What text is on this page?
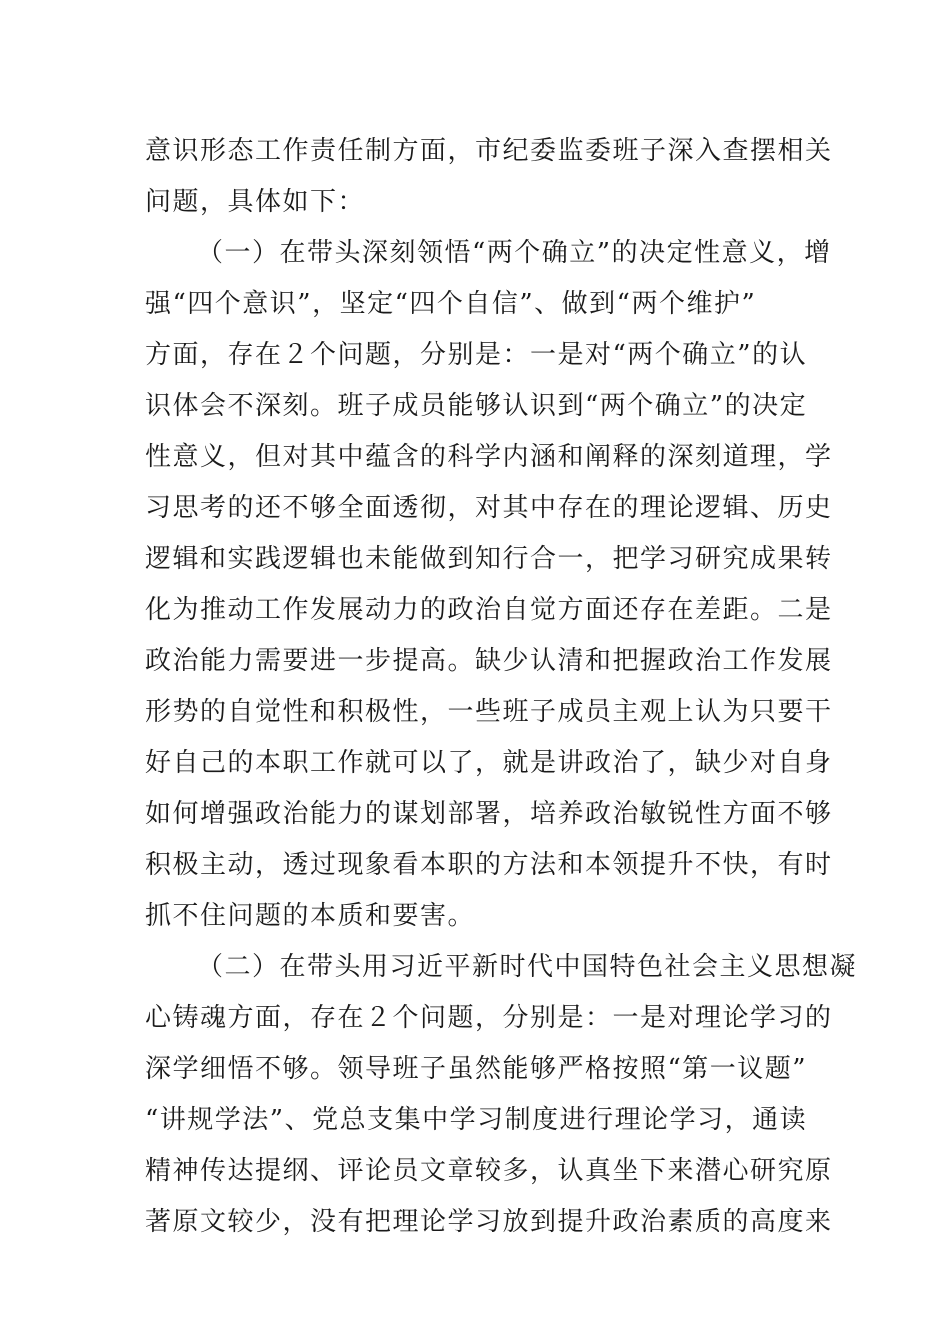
意识形态工作责任制方面，市纪委监委班子深入查摆相关
问题，具体如下：
（一）在带头深刻领悟“两个确立”的决定性意义，增
强“四个意识”，坚定“四个自信”、做到“两个维护”
方面，存在２个问题，分别是：一是对“两个确立”的认
识体会不深刻。班子成员能够认识到“两个确立”的决定
性意义，但对其中蕴含的科学内涵和阐释的深刻道理，学
习思考的还不够全面透彻，对其中存在的理论逻辑、历史
逻辑和实践逻辑也未能做到知行合一，把学习研究成果转
化为推动工作发展动力的政治自觉方面还存在差距。二是
政治能力需要进一步提高。缺少认清和把握政治工作发展
形势的自觉性和积极性，一些班子成员主观上认为只要干
好自己的本职工作就可以了，就是讲政治了，缺少对自身
如何增强政治能力的谋划部署，培养政治敏锐性方面不够
积极主动，透过现象看本职的方法和本领提升不快，有时
抓不住问题的本质和要害。
（二）在带头用习近平新时代中国特色社会主义思想凝
心铸魂方面，存在２个问题，分别是：一是对理论学习的
深学细悟不够。领导班子虽然能够严格按照“第一议题”
“讲规学法”、党总支集中学习制度进行理论学习，通读
精神传达提纲、评论员文章较多，认真坐下来潜心研究原
著原文较少，没有把理论学习放到提升政治素质的高度来
